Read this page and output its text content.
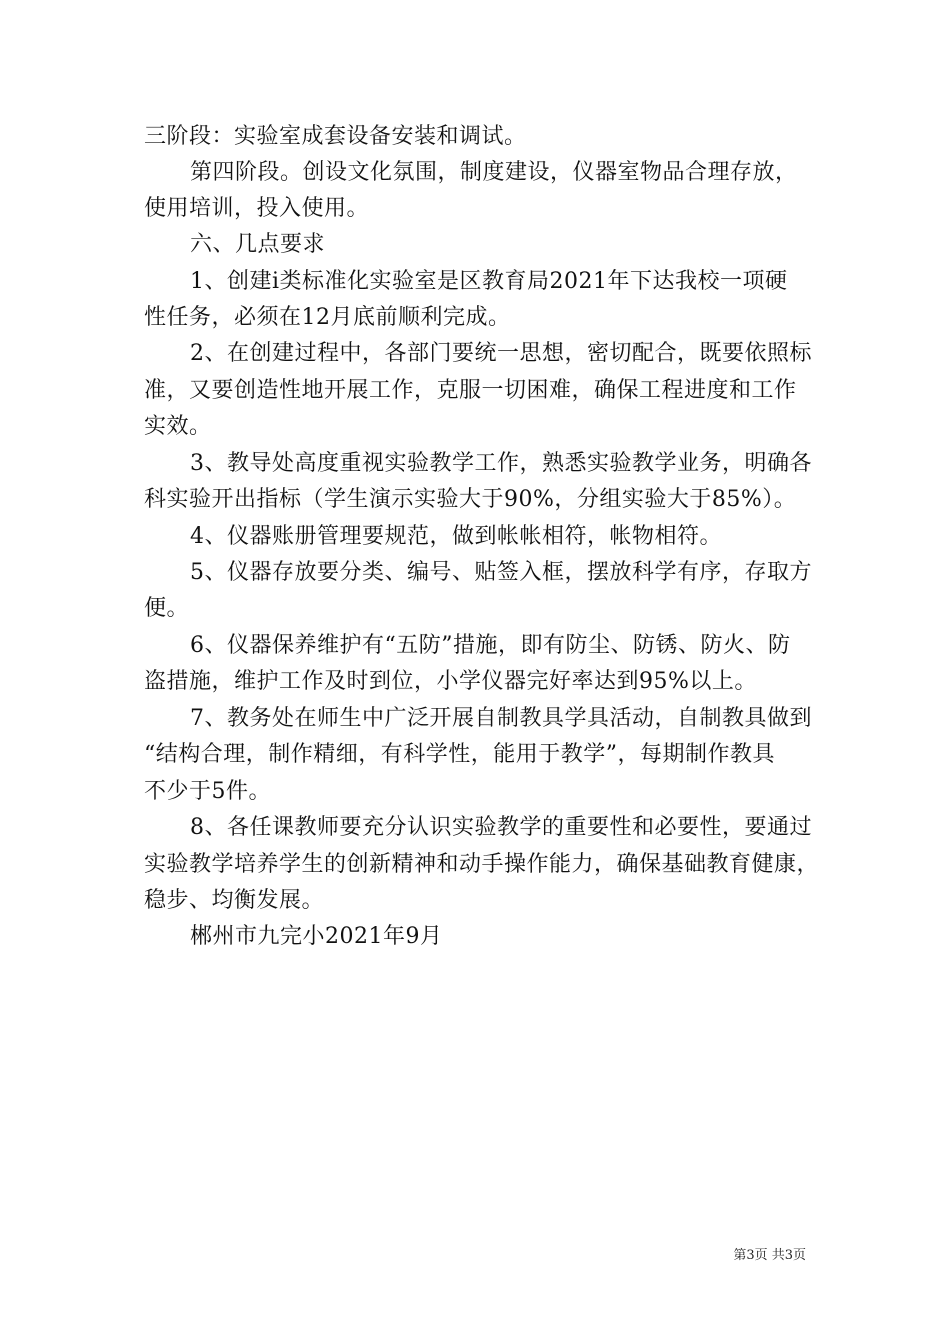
三阶段：实验室成套设备安装和调试。
第四阶段。创设文化氛围，制度建设，仪器室物品合理存放，
使用培训，投入使用。
六、几点要求
1、创建ⅰ类标准化实验室是区教育局2021年下达我校一项硬
性任务，必须在12月底前顺利完成。
2、在创建过程中，各部门要统一思想，密切配合，既要依照标
准，又要创造性地开展工作，克服一切困难，确保工程进度和工作
实效。
3、教导处高度重视实验教学工作，熟悉实验教学业务，明确各
科实验开出指标（学生演示实验大于90%，分组实验大于85%）。
4、仪器账册管理要规范，做到帐帐相符，帐物相符。
5、仪器存放要分类、编号、贴签入框，摆放科学有序，存取方
便。
6、仪器保养维护有“五防”措施，即有防尘、防锈、防火、防
盗措施，维护工作及时到位，小学仪器完好率达到95%以上。
7、教务处在师生中广泛开展自制教具学具活动，自制教具做到
“结构合理，制作精细，有科学性，能用于教学”，每期制作教具
不少于5件。
8、各任课教师要充分认识实验教学的重要性和必要性，要通过
实验教学培养学生的创新精神和动手操作能力，确保基础教育健康，
稳步、均衡发展。
郴州市九完小2021年9月
第3页 共3页
